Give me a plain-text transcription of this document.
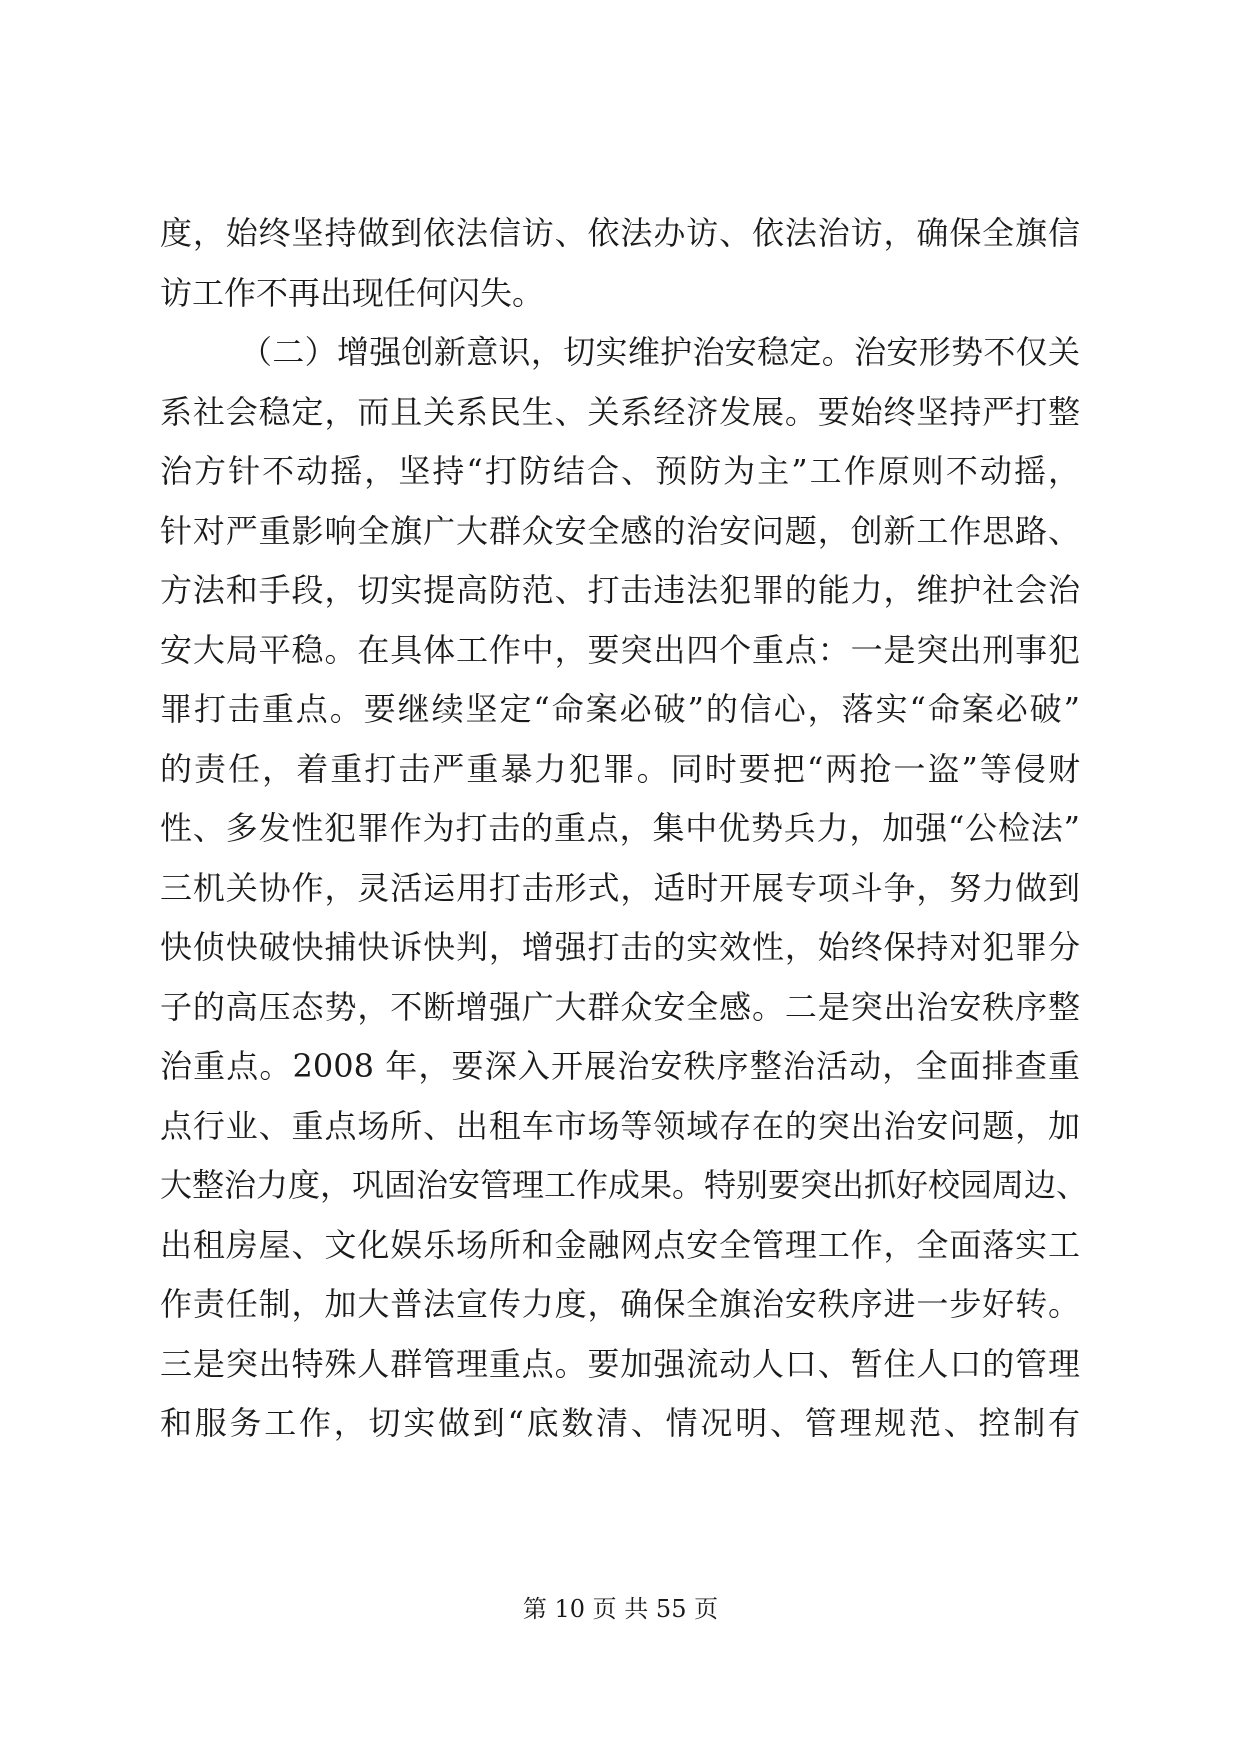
度，始终坚持做到依法信访、依法办访、依法治访，确保全旗信
访工作不再出现任何闪失。
（二）增强创新意识，切实维护治安稳定。治安形势不仅关
系社会稳定，而且关系民生、关系经济发展。要始终坚持严打整
治方针不动摇，坚持“打防结合、预防为主”工作原则不动摇，
针对严重影响全旗广大群众安全感的治安问题，创新工作思路、
方法和手段，切实提高防范、打击违法犯罪的能力，维护社会治
安大局平稳。在具体工作中，要突出四个重点：一是突出刑事犯
罪打击重点。要继续坚定“命案必破”的信心，落实“命案必破”
的责任，着重打击严重暴力犯罪。同时要把“两抢一盗”等侵财
性、多发性犯罪作为打击的重点，集中优势兵力，加强“公检法”
三机关协作，灵活运用打击形式，适时开展专项斗争，努力做到
快侦快破快捕快诉快判，增强打击的实效性，始终保持对犯罪分
子的高压态势，不断增强广大群众安全感。二是突出治安秩序整
治重点。2008 年，要深入开展治安秩序整治活动，全面排查重
点行业、重点场所、出租车市场等领域存在的突出治安问题，加
大整治力度，巩固治安管理工作成果。特别要突出抓好校园周边、
出租房屋、文化娱乐场所和金融网点安全管理工作，全面落实工
作责任制，加大普法宣传力度，确保全旗治安秩序进一步好转。
三是突出特殊人群管理重点。要加强流动人口、暂住人口的管理
和服务工作，切实做到“底数清、情况明、管理规范、控制有
第 10 页 共 55 页
